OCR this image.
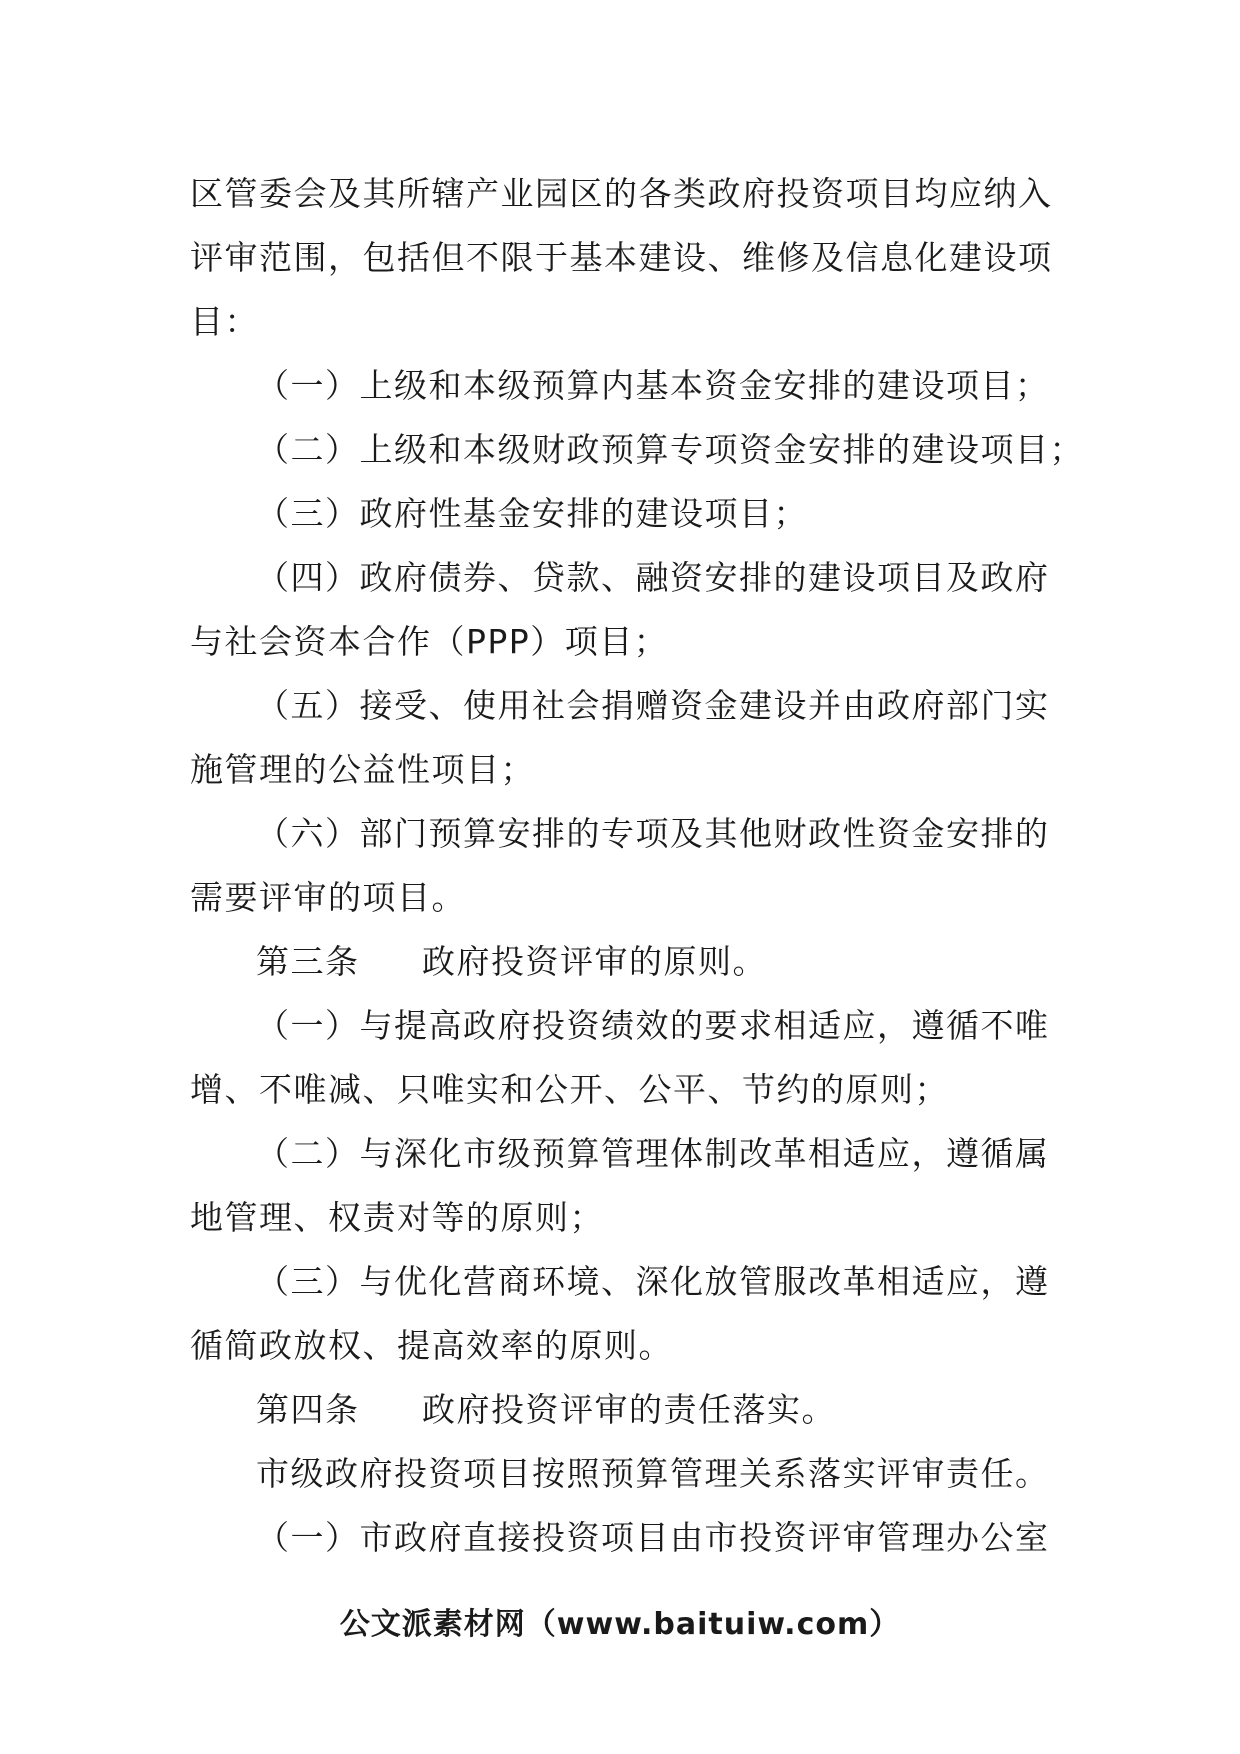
区管委会及其所辖产业园区的各类政府投资项目均应纳入
评审范围，包括但不限于基本建设、维修及信息化建设项
目：
（一）上级和本级预算内基本资金安排的建设项目；
（二）上级和本级财政预算专项资金安排的建设项目；
（三）政府性基金安排的建设项目；
（四）政府债券、贷款、融资安排的建设项目及政府
与社会资本合作（PPP）项目；
（五）接受、使用社会捐赠资金建设并由政府部门实
施管理的公益性项目；
（六）部门预算安排的专项及其他财政性资金安排的
需要评审的项目。
第三条 政府投资评审的原则。
（一）与提高政府投资绩效的要求相适应，遵循不唯
增、不唯减、只唯实和公开、公平、节约的原则；
（二）与深化市级预算管理体制改革相适应，遵循属
地管理、权责对等的原则；
（三）与优化营商环境、深化放管服改革相适应，遵
循简政放权、提高效率的原则。
第四条 政府投资评审的责任落实。
市级政府投资项目按照预算管理关系落实评审责任。
（一）市政府直接投资项目由市投资评审管理办公室
公文派素材网（www.baituiw.com）
